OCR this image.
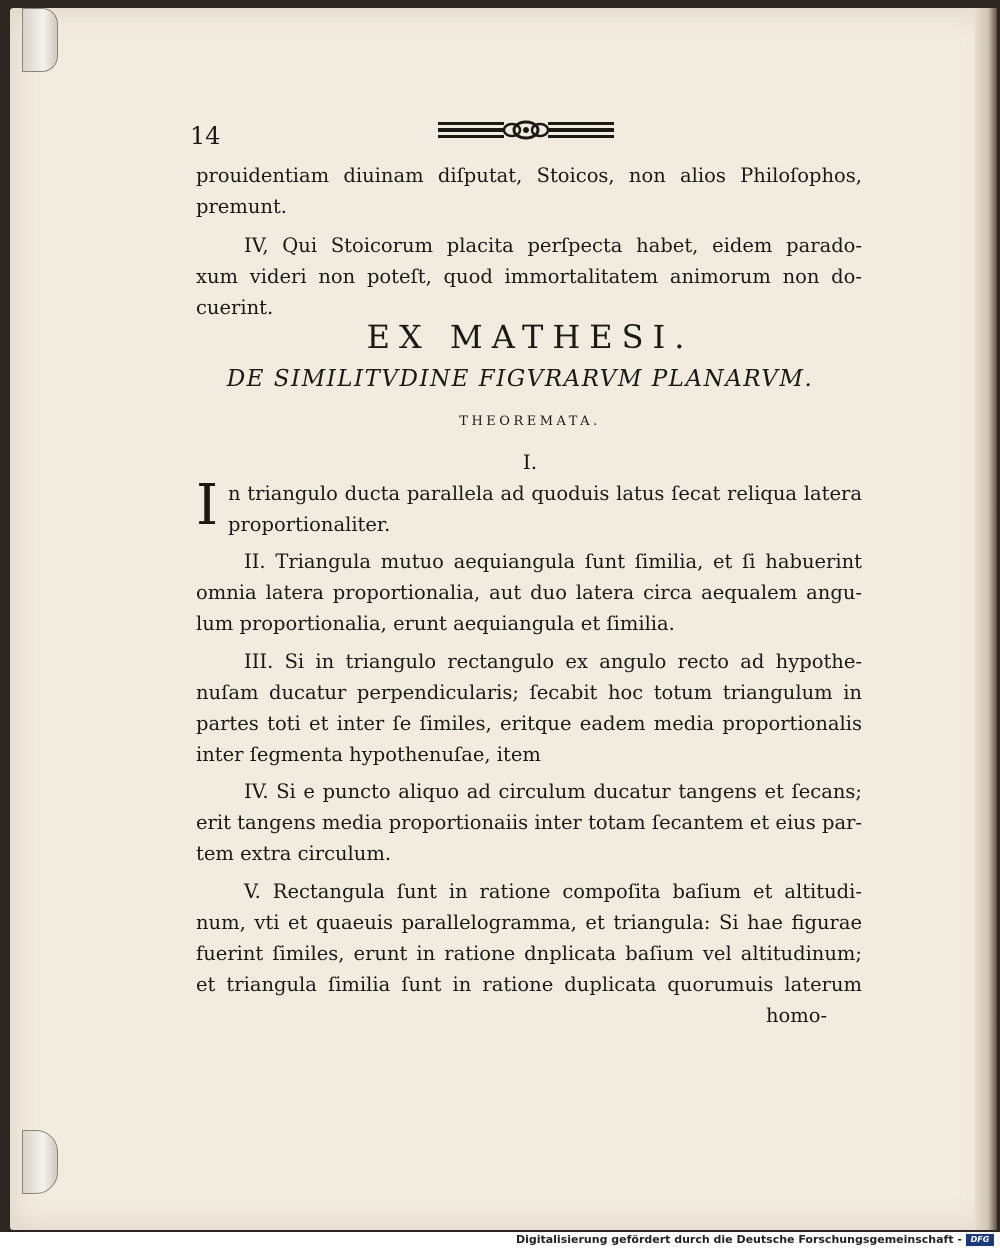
14
prouidentiam diuinam diſputat, Stoicos, non alios Philoſophos,
premunt.
IV, Qui Stoicorum placita perſpecta habet, eidem parado-
xum videri non poteſt, quod immortalitatem animorum non do-
cuerint.
EX MATHESI.
DE SIMILITVDINE FIGVRARVM PLANARVM.
THEOREMATA.
I.
I n triangulo ducta parallela ad quoduis latus ſecat reliqua latera
proportionaliter.
II. Triangula mutuo aequiangula ſunt ſimilia, et ſi habuerint
omnia latera proportionalia, aut duo latera circa aequalem angu-
lum proportionalia, erunt aequiangula et ſimilia.
III. Si in triangulo rectangulo ex angulo recto ad hypothe-
nuſam ducatur perpendicularis; ſecabit hoc totum triangulum in
partes toti et inter ſe ſimiles, eritque eadem media proportionalis
inter ſegmenta hypothenuſae, item
IV. Si e puncto aliquo ad circulum ducatur tangens et ſecans;
erit tangens media proportionaiis inter totam ſecantem et eius par-
tem extra circulum.
V. Rectangula ſunt in ratione compoſita baſium et altitudi-
num, vti et quaeuis parallelogramma, et triangula: Si hae figurae
fuerint ſimiles, erunt in ratione dnplicata baſium vel altitudinum;
et triangula ſimilia ſunt in ratione duplicata quorumuis laterum
homo-
Digitalisierung gefördert durch die Deutsche Forschungsgemeinschaft -	DFG
